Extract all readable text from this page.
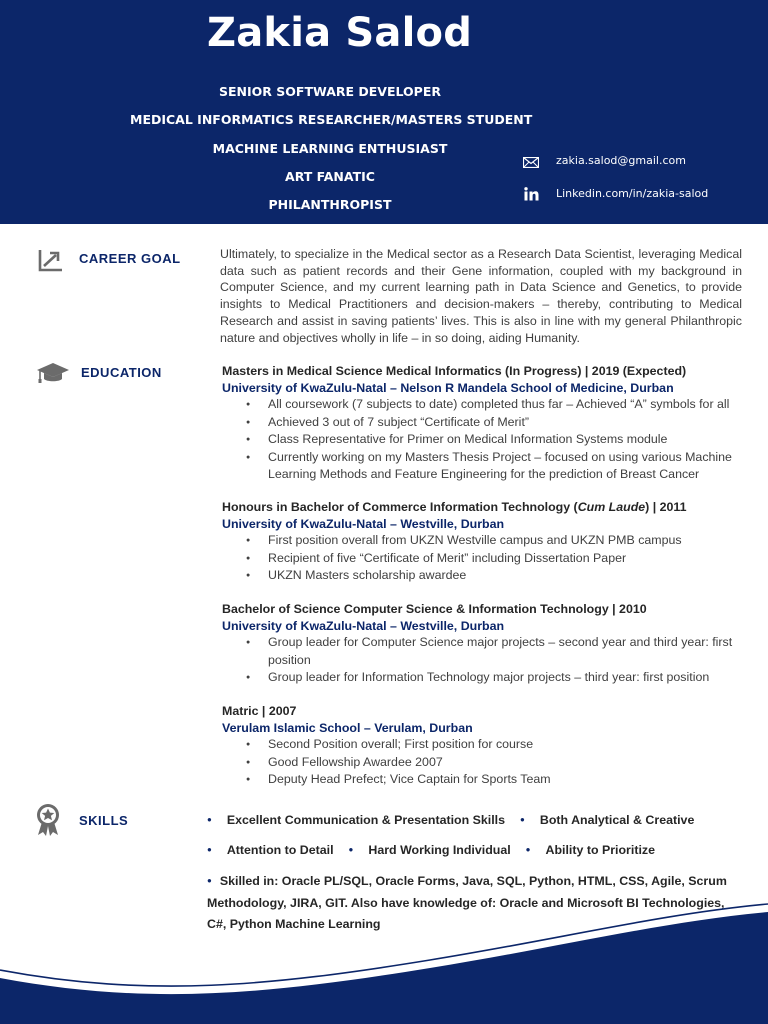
Zakia Salod
SENIOR SOFTWARE DEVELOPER
MEDICAL INFORMATICS RESEARCHER/MASTERS STUDENT
MACHINE LEARNING ENTHUSIAST
ART FANATIC
PHILANTHROPIST
zakia.salod@gmail.com
Linkedin.com/in/zakia-salod
CAREER GOAL	Ultimately, to specialize in the Medical sector as a Research Data Scientist, leveraging Medical data such as patient records and their Gene information, coupled with my background in Computer Science, and my current learning path in Data Science and Genetics, to provide insights to Medical Practitioners and decision-makers – thereby, contributing to Medical Research and assist in saving patients’ lives. This is also in line with my general Philanthropic nature and objectives wholly in life – in so doing, aiding Humanity.
EDUCATION	Masters in Medical Science Medical Informatics (In Progress) | 2019 (Expected)
University of KwaZulu-Natal – Nelson R Mandela School of Medicine, Durban
● All coursework (7 subjects to date) completed thus far – Achieved “A” symbols for all
● Achieved 3 out of 7 subject “Certificate of Merit”
● Class Representative for Primer on Medical Information Systems module
● Currently working on my Masters Thesis Project – focused on using various Machine Learning Methods and Feature Engineering for the prediction of Breast Cancer
Honours in Bachelor of Commerce Information Technology (Cum Laude) | 2011
University of KwaZulu-Natal – Westville, Durban
● First position overall from UKZN Westville campus and UKZN PMB campus
● Recipient of five “Certificate of Merit” including Dissertation Paper
● UKZN Masters scholarship awardee
Bachelor of Science Computer Science & Information Technology | 2010
University of KwaZulu-Natal – Westville, Durban
● Group leader for Computer Science major projects – second year and third year: first position
● Group leader for Information Technology major projects – third year: first position
Matric | 2007
Verulam Islamic School – Verulam, Durban
● Second Position overall; First position for course
● Good Fellowship Awardee 2007
● Deputy Head Prefect; Vice Captain for Sports Team
SKILLS	● Excellent Communication & Presentation Skills ● Both Analytical & Creative
● Attention to Detail ● Hard Working Individual ● Ability to Prioritize
● Skilled in: Oracle PL/SQL, Oracle Forms, Java, SQL, Python, HTML, CSS, Agile, Scrum Methodology, JIRA, GIT. Also have knowledge of: Oracle and Microsoft BI Technologies, C#, Python Machine Learning
